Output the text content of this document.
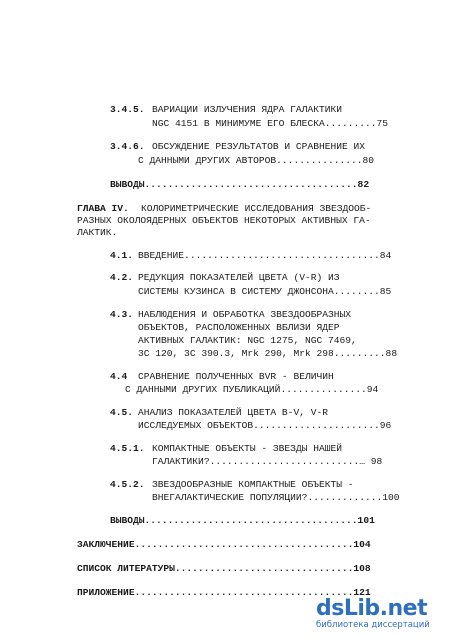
3.4.5. ВАРИАЦИИ ИЗЛУЧЕНИЯ ЯДРА ГАЛАКТИКИ
NGC 4151 В МИНИМУМЕ ЕГО БЛЕСКА.........75
3.4.6. ОБСУЖДЕНИЕ РЕЗУЛЬТАТОВ И СРАВНЕНИЕ ИХ
С ДАННЫМИ ДРУГИХ АВТОРОВ...............80
ВЫВОДЫ.....................................82
ГЛАВА IV. КОЛОРИМЕТРИЧЕСКИЕ ИССЛЕДОВАНИЯ ЗВЕЗДООБ-
РАЗНЫХ ОКОЛОЯДЕРНЫХ ОБЪЕКТОВ НЕКОТОРЫХ АКТИВНЫХ ГА-
ЛАКТИК.
4.1. ВВЕДЕНИЕ..................................84
4.2. РЕДУКЦИЯ ПОКАЗАТЕЛЕЙ ЦВЕТА (V-R) ИЗ
СИСТЕМЫ КУЗИНСА В СИСТЕМУ ДЖОНСОНА........85
4.3. НАБЛЮДЕНИЯ И ОБРАБОТКА ЗВЕЗДООБРАЗНЫХ
ОБЪЕКТОВ, РАСПОЛОЖЕННЫХ ВБЛИЗИ ЯДЕР
АКТИВНЫХ ГАЛАКТИК: NGC 1275, NGC 7469,
3C 120, 3C 390.3, Mrk 290, Mrk 298.........88
4.4 СРАВНЕНИЕ ПОЛУЧЕННЫХ BVR - ВЕЛИЧИН
С ДАННЫМИ ДРУГИХ ПУБЛИКАЦИЙ...............94
4.5. АНАЛИЗ ПОКАЗАТЕЛЕЙ ЦВЕТА B-V, V-R
ИССЛЕДУЕМЫХ ОБЪЕКТОВ......................96
4.5.1. КОМПАКТНЫЕ ОБЪЕКТЫ - ЗВЕЗДЫ НАШЕЙ
ГАЛАКТИКИ?..........................… 98
4.5.2. ЗВЕЗДООБРАЗНЫЕ КОМПАКТНЫЕ ОБЪЕКТЫ -
ВНЕГАЛАКТИЧЕСКИЕ ПОПУЛЯЦИИ?.............100
ВЫВОДЫ.....................................101
ЗАКЛЮЧЕНИЕ......................................104
СПИСОК ЛИТЕРАТУРЫ...............................108
ПРИЛОЖЕНИЕ......................................121
dsLib.net
библиотека диссертаций
